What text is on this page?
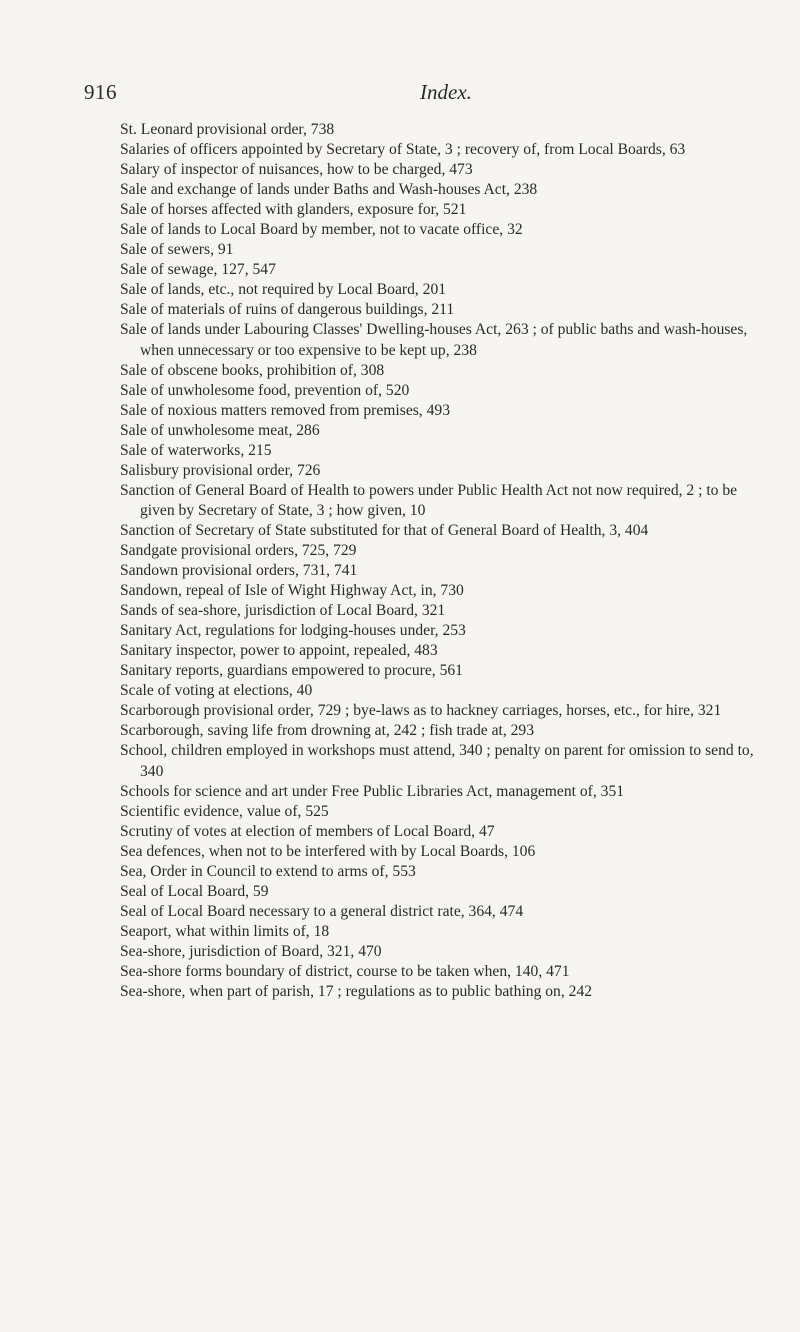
916	Index.

St. Leonard provisional order, 738

Salaries of officers appointed by Secretary of State, 3 ; recovery of, from Local Boards, 63

Salary of inspector of nuisances, how to be charged, 473

Sale and exchange of lands under Baths and Wash-houses Act, 238

Sale of horses affected with glanders, exposure for, 521

Sale of lands to Local Board by member, not to vacate office, 32

Sale of sewers, 91

Sale of sewage, 127, 547

Sale of lands, etc., not required by Local Board, 201

Sale of materials of ruins of dangerous buildings, 211

Sale of lands under Labouring Classes' Dwelling-houses Act, 263 ; of public baths and wash-houses, when unnecessary or too expensive to be kept up, 238

Sale of obscene books, prohibition of, 308

Sale of unwholesome food, prevention of, 520

Sale of noxious matters removed from premises, 493

Sale of unwholesome meat, 286

Sale of waterworks, 215

Salisbury provisional order, 726

Sanction of General Board of Health to powers under Public Health Act not now required, 2 ; to be given by Secretary of State, 3 ; how given, 10

Sanction of Secretary of State substituted for that of General Board of Health, 3, 404

Sandgate provisional orders, 725, 729

Sandown provisional orders, 731, 741

Sandown, repeal of Isle of Wight Highway Act, in, 730

Sands of sea-shore, jurisdiction of Local Board, 321

Sanitary Act, regulations for lodging-houses under, 253

Sanitary inspector, power to appoint, repealed, 483

Sanitary reports, guardians empowered to procure, 561

Scale of voting at elections, 40

Scarborough provisional order, 729 ; bye-laws as to hackney carriages, horses, etc., for hire, 321

Scarborough, saving life from drowning at, 242 ; fish trade at, 293

School, children employed in workshops must attend, 340 ; penalty on parent for omission to send to, 340

Schools for science and art under Free Public Libraries Act, management of, 351

Scientific evidence, value of, 525

Scrutiny of votes at election of members of Local Board, 47

Sea defences, when not to be interfered with by Local Boards, 106

Sea, Order in Council to extend to arms of, 553

Seal of Local Board, 59

Seal of Local Board necessary to a general district rate, 364, 474

Seaport, what within limits of, 18

Sea-shore, jurisdiction of Board, 321, 470

Sea-shore forms boundary of district, course to be taken when, 140, 471

Sea-shore, when part of parish, 17 ; regulations as to public bathing on, 242
